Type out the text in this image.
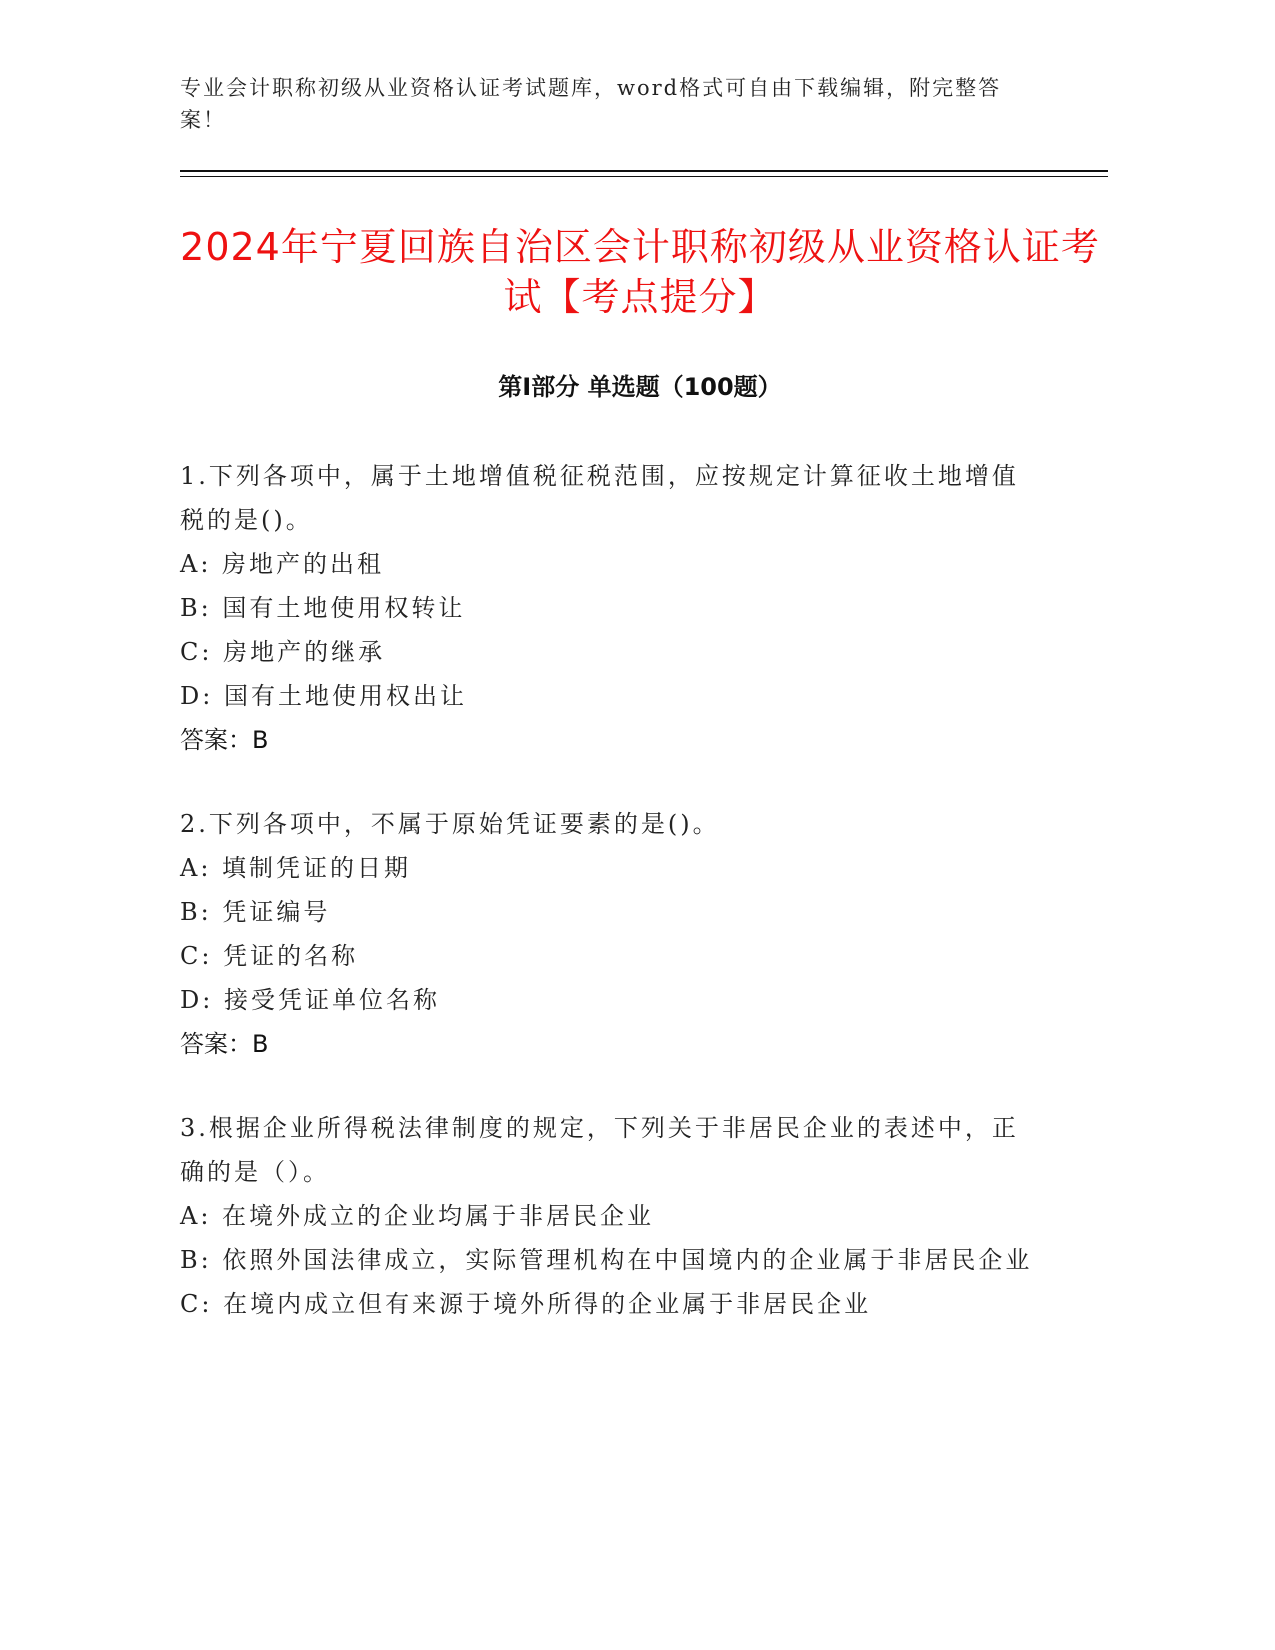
专业会计职称初级从业资格认证考试题库，word格式可自由下载编辑，附完整答案！

2024年宁夏回族自治区会计职称初级从业资格认证考试【考点提分】
第I部分 单选题（100题）

1.下列各项中，属于土地增值税征税范围，应按规定计算征收土地增值税的是()。

A: 房地产的出租

B: 国有土地使用权转让

C: 房地产的继承

D: 国有土地使用权出让

答案：B

2.下列各项中，不属于原始凭证要素的是()。

A: 填制凭证的日期

B: 凭证编号

C: 凭证的名称

D: 接受凭证单位名称

答案：B

3.根据企业所得税法律制度的规定，下列关于非居民企业的表述中，正确的是（）。

A: 在境外成立的企业均属于非居民企业

B: 依照外国法律成立，实际管理机构在中国境内的企业属于非居民企业

C: 在境内成立但有来源于境外所得的企业属于非居民企业
